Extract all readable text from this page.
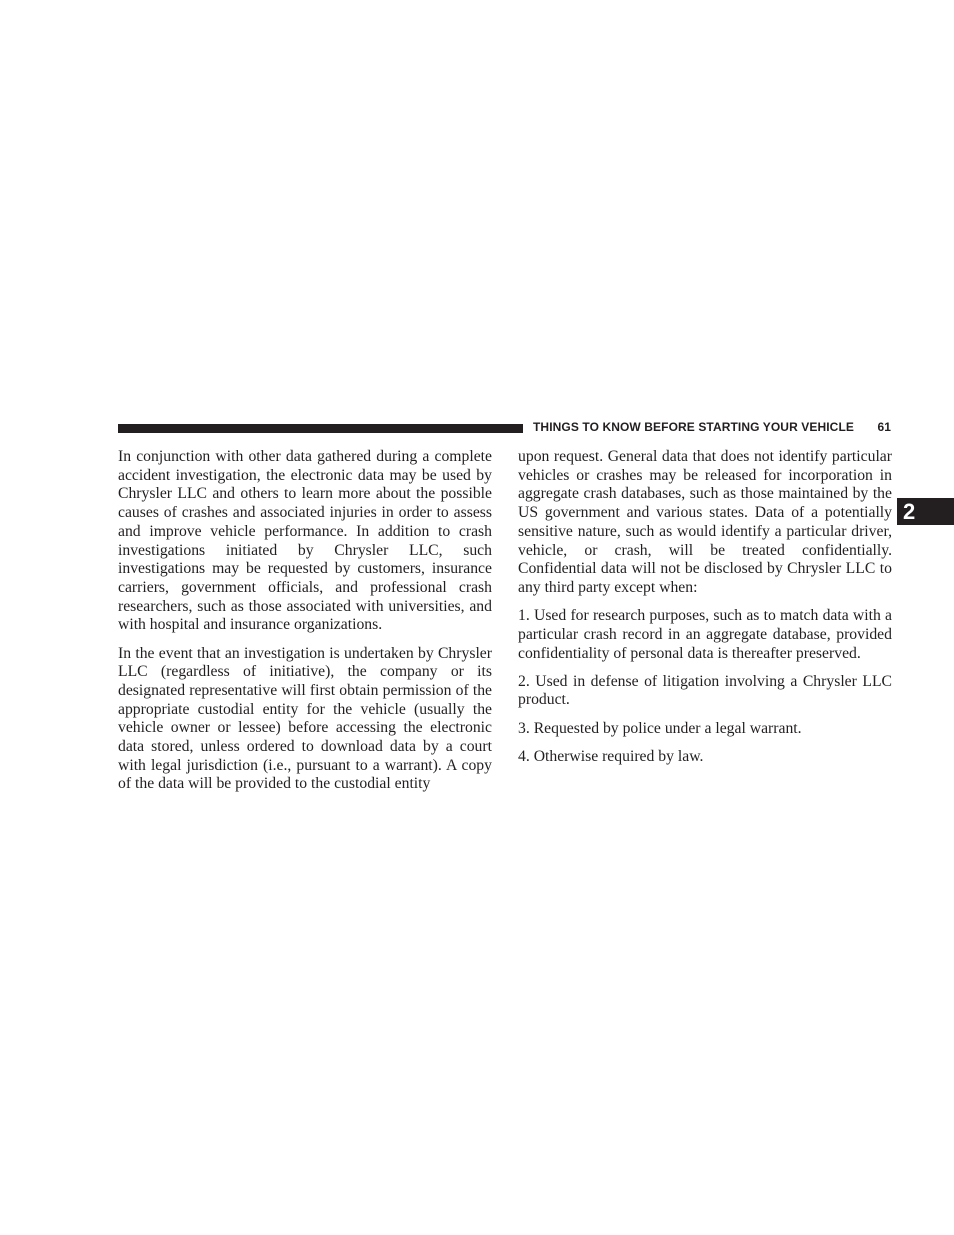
THINGS TO KNOW BEFORE STARTING YOUR VEHICLE 61
2

In conjunction with other data gathered during a complete accident investigation, the electronic data may be used by Chrysler LLC and others to learn more about the possible causes of crashes and associated injuries in order to assess and improve vehicle performance. In addition to crash investigations initiated by Chrysler LLC, such investigations may be requested by customers, insurance carriers, government officials, and professional crash researchers, such as those associated with universities, and with hospital and insurance organizations.

In the event that an investigation is undertaken by Chrysler LLC (regardless of initiative), the company or its designated representative will first obtain permission of the appropriate custodial entity for the vehicle (usually the vehicle owner or lessee) before accessing the electronic data stored, unless ordered to download data by a court with legal jurisdiction (i.e., pursuant to a warrant). A copy of the data will be provided to the custodial entity

upon request. General data that does not identify particular vehicles or crashes may be released for incorporation in aggregate crash databases, such as those maintained by the US government and various states. Data of a potentially sensitive nature, such as would identify a particular driver, vehicle, or crash, will be treated confidentially. Confidential data will not be disclosed by Chrysler LLC to any third party except when:

1. Used for research purposes, such as to match data with a particular crash record in an aggregate database, provided confidentiality of personal data is thereafter preserved.

2. Used in defense of litigation involving a Chrysler LLC product.

3. Requested by police under a legal warrant.

4. Otherwise required by law.
